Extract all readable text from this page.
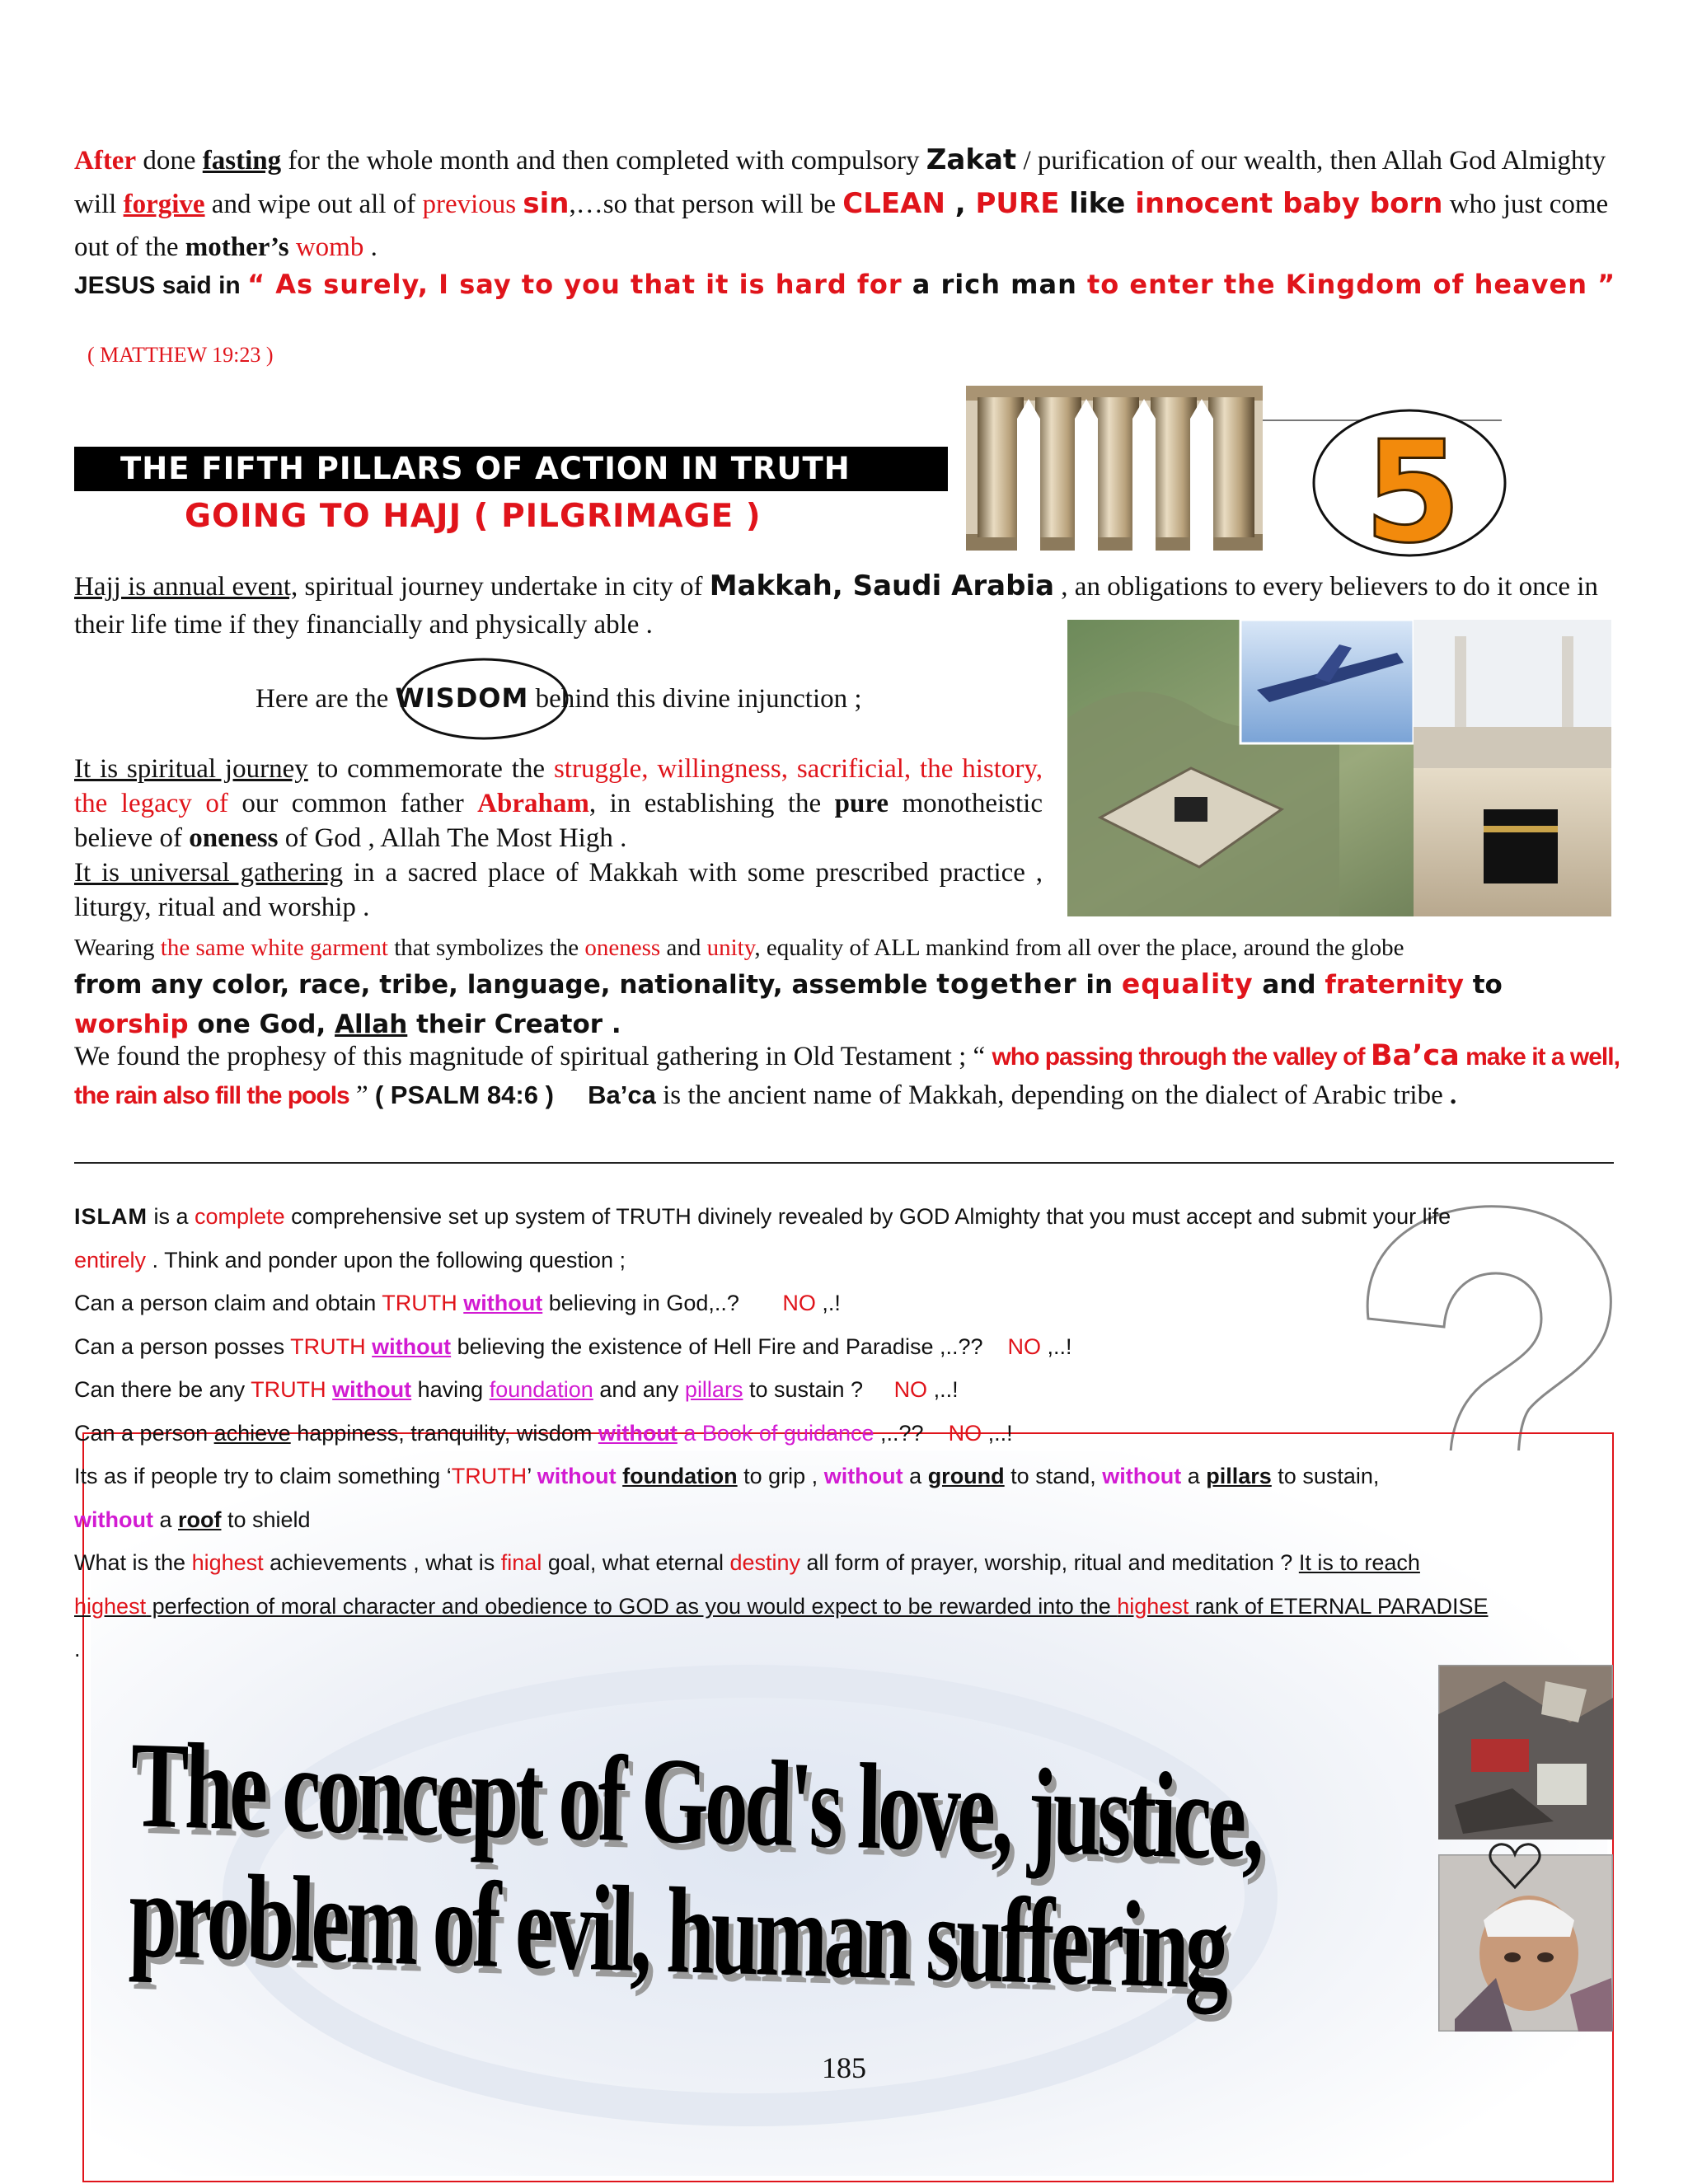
After done fasting for the whole month and then completed with compulsory Zakat / purification of our wealth, then Allah God Almighty will forgive and wipe out all of previous sin,…so that person will be CLEAN , PURE like innocent baby born who just come out of the mother’s womb .
JESUS said in “ As surely, I say to you that it is hard for a rich man to enter the Kingdom of heaven ”
( MATTHEW 19:23 )
THE FIFTH PILLARS OF ACTION IN TRUTH
GOING TO HAJJ ( PILGRIMAGE )	5
Hajj is annual event, spiritual journey undertake in city of Makkah, Saudi Arabia , an obligations to every believers to do it once in their life time if they financially and physically able .
Here are the WISDOM behind this divine injunction ;
It is spiritual journey to commemorate the struggle, willingness, sacrificial, the history, the legacy of our common father Abraham, in establishing the pure monotheistic believe of oneness of God , Allah The Most High .
It is universal gathering in a sacred place of Makkah with some prescribed practice , liturgy, ritual and worship .
Wearing the same white garment that symbolizes the oneness and unity, equality of ALL mankind from all over the place, around the globe
from any color, race, tribe, language, nationality, assemble together in equality and fraternity to
worship one God, Allah their Creator .
We found the prophesy of this magnitude of spiritual gathering in Old Testament ; “ who passing through the valley of Ba’ca make it a well, the rain also fill the pools ” ( PSALM 84:6 ) Ba’ca is the ancient name of Makkah, depending on the dialect of Arabic tribe .
ISLAM is a complete comprehensive set up system of TRUTH divinely revealed by GOD Almighty that you must accept and submit your life
entirely . Think and ponder upon the following question ;
Can a person claim and obtain TRUTH without believing in God,..? NO ,.!
Can a person posses TRUTH without believing the existence of Hell Fire and Paradise ,..?? NO ,..!
Can there be any TRUTH without having foundation and any pillars to sustain ? NO ,..!
Can a person achieve happiness, tranquility, wisdom without a Book of guidance ,..?? NO ,..!
Its as if people try to claim something ‘TRUTH’ without foundation to grip , without a ground to stand, without a pillars to sustain,
without a roof to shield
What is the highest achievements , what is final goal, what eternal destiny all form of prayer, worship, ritual and meditation ? It is to reach
highest perfection of moral character and obedience to GOD as you would expect to be rewarded into the highest rank of ETERNAL PARADISE
.
The concept of God's love, justice,
problem of evil, human suffering
185
